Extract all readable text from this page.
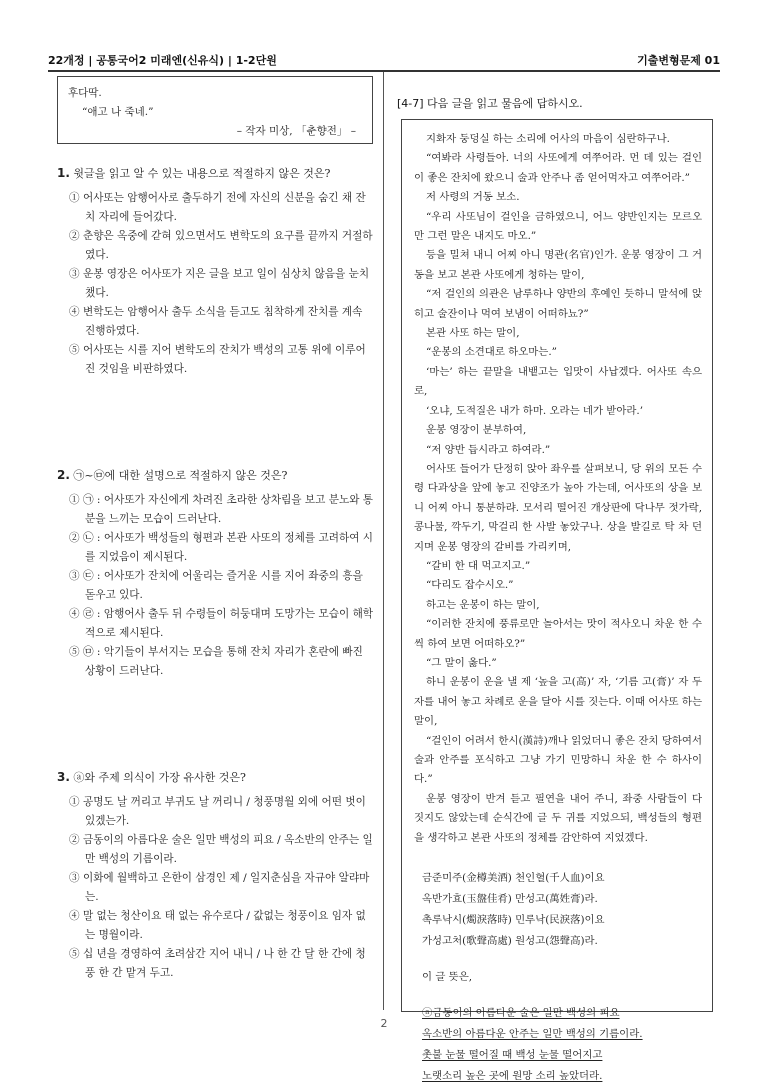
22개정 | 공통국어2 미래엔(신유식) | 1-2단원	기출변형문제 01
후다딱.
“애고 나 죽네.”
– 작자 미상, 「춘향전」 –
1. 윗글을 읽고 알 수 있는 내용으로 적절하지 않은 것은?
① 어사또는 암행어사로 출두하기 전에 자신의 신분을 숨긴 채 잔치 자리에 들어갔다.
② 춘향은 옥중에 갇혀 있으면서도 변학도의 요구를 끝까지 거절하였다.
③ 운봉 영장은 어사또가 지은 글을 보고 일이 심상치 않음을 눈치챘다.
④ 변학도는 암행어사 출두 소식을 듣고도 침착하게 잔치를 계속 진행하였다.
⑤ 어사또는 시를 지어 변학도의 잔치가 백성의 고통 위에 이루어진 것임을 비판하였다.
2. ㉠~㉤에 대한 설명으로 적절하지 않은 것은?
① ㉠ : 어사또가 자신에게 차려진 초라한 상차림을 보고 분노와 통분을 느끼는 모습이 드러난다.
② ㉡ : 어사또가 백성들의 형편과 본관 사또의 정체를 고려하여 시를 지었음이 제시된다.
③ ㉢ : 어사또가 잔치에 어울리는 즐거운 시를 지어 좌중의 흥을 돋우고 있다.
④ ㉣ : 암행어사 출두 뒤 수령들이 허둥대며 도망가는 모습이 해학적으로 제시된다.
⑤ ㉤ : 악기들이 부서지는 모습을 통해 잔치 자리가 혼란에 빠진 상황이 드러난다.
3. ⓐ와 주제 의식이 가장 유사한 것은?
① 공명도 날 꺼리고 부귀도 날 꺼리니 / 청풍명월 외에 어떤 벗이 있겠는가.
② 금동이의 아름다운 술은 일만 백성의 피요 / 옥소반의 안주는 일만 백성의 기름이라.
③ 이화에 월백하고 은한이 삼경인 제 / 일지춘심을 자규야 알랴마는.
④ 말 없는 청산이요 태 없는 유수로다 / 값없는 청풍이요 임자 없는 명월이라.
⑤ 십 년을 경영하여 초려삼간 지어 내니 / 나 한 간 달 한 간에 청풍 한 간 맡겨 두고.
[4-7] 다음 글을 읽고 물음에 답하시오.
지화자 둥덩실 하는 소리에 어사의 마음이 심란하구나.
“여봐라 사령들아. 너의 사또에게 여쭈어라. 먼 데 있는 걸인이 좋은 잔치에 왔으니 술과 안주나 좀 얻어먹자고 여쭈어라.”
저 사령의 거동 보소.
“우리 사또님이 걸인을 금하였으니, 어느 양반인지는 모르오만 그런 말은 내지도 마오.”
등을 밀쳐 내니 어찌 아니 명관(名官)인가. 운봉 영장이 그 거동을 보고 본관 사또에게 청하는 말이,
“저 걸인의 의관은 남루하나 양반의 후예인 듯하니 말석에 앉히고 술잔이나 먹여 보냄이 어떠하뇨?”
본관 사또 하는 말이,
“운봉의 소견대로 하오마는.”
‘마는’ 하는 끝말을 내뱉고는 입맛이 사납겠다. 어사또 속으로,
‘오냐, 도적질은 내가 하마. 오라는 네가 받아라.’
운봉 영장이 분부하여,
“저 양반 듭시라고 하여라.”
어사또 들어가 단정히 앉아 좌우를 살펴보니, 당 위의 모든 수령 다과상을 앞에 놓고 진양조가 높아 가는데, 어사또의 상을 보니 어찌 아니 통분하랴. 모서리 떨어진 개상판에 닥나무 젓가락, 콩나물, 깍두기, 막걸리 한 사발 놓았구나. 상을 발길로 탁 차 던지며 운봉 영장의 갈비를 가리키며,
“갈비 한 대 먹고지고.”
“다리도 잡수시오.”
하고는 운봉이 하는 말이,
“이러한 잔치에 풍류로만 놀아서는 맛이 적사오니 차운 한 수씩 하여 보면 어떠하오?”
“그 말이 옳다.”
하니 운봉이 운을 낼 제 ‘높을 고(高)’ 자, ‘기름 고(膏)’ 자 두 자를 내어 놓고 차례로 운을 달아 시를 짓는다. 이때 어사또 하는 말이,
“걸인이 어려서 한시(漢詩)깨나 읽었더니 좋은 잔치 당하여서 술과 안주를 포식하고 그냥 가기 민망하니 차운 한 수 하사이다.”
운봉 영장이 반겨 듣고 필연을 내어 주니, 좌중 사람들이 다 짓지도 않았는데 순식간에 글 두 귀를 지었으되, 백성들의 형편을 생각하고 본관 사또의 정체를 감안하여 지었겠다.
금준미주(金樽美酒) 천인혈(千人血)이요
옥반가효(玉盤佳肴) 만성고(萬姓膏)라.
촉루낙시(燭淚落時) 민루낙(民淚落)이요
가성고처(歌聲高處) 원성고(怨聲高)라.
이 글 뜻은,
ⓐ금동이의 아름다운 술은 일만 백성의 피요
옥소반의 아름다운 안주는 일만 백성의 기름이라.
촛불 눈물 떨어질 때 백성 눈물 떨어지고
노랫소리 높은 곳에 원망 소리 높았더라.
2
